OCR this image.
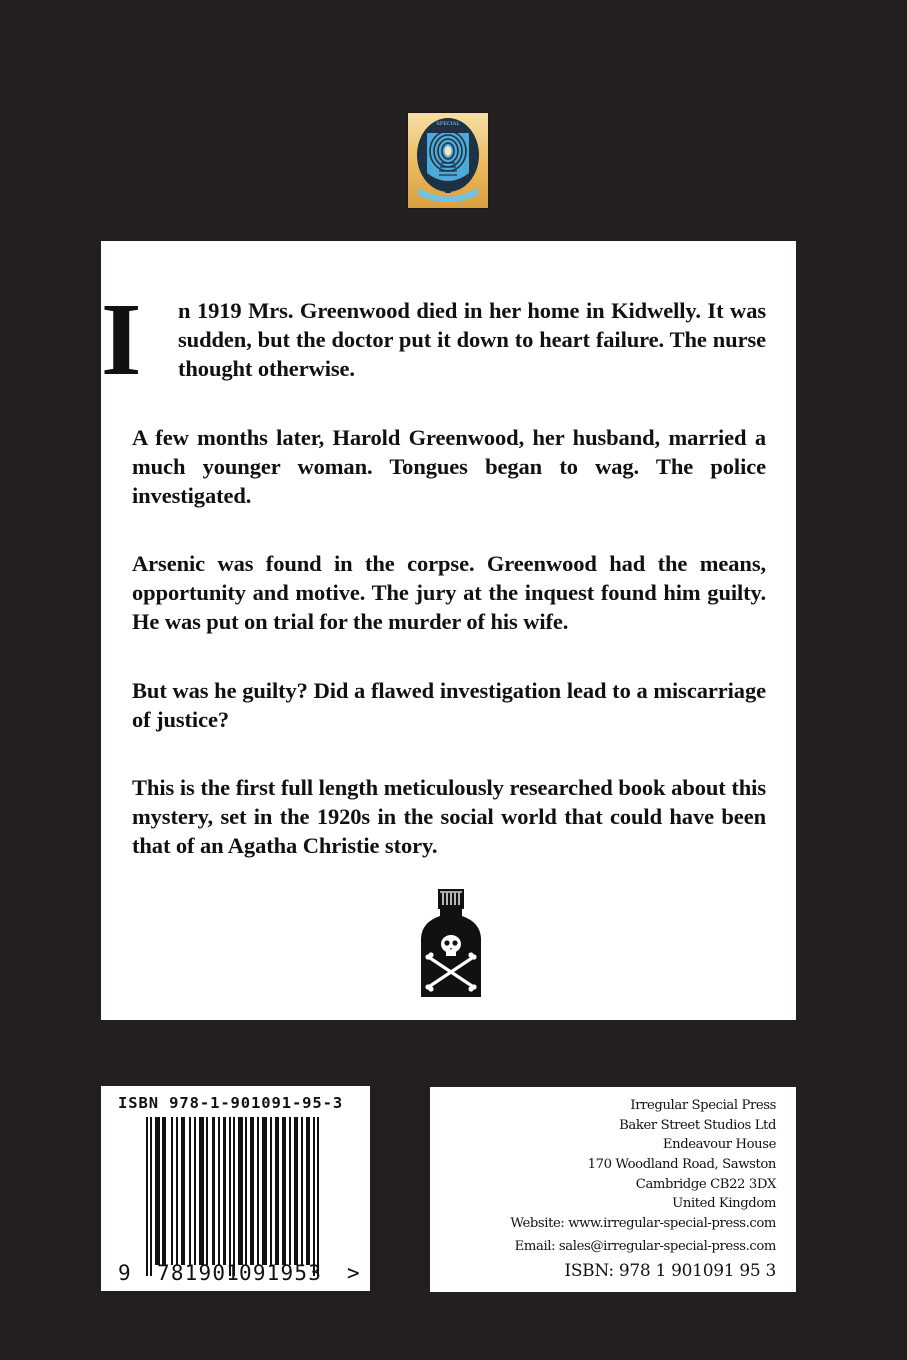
SPECIAL
I	n 1919 Mrs. Greenwood died in her home in Kidwelly. It was sudden, but the doctor put it down to heart failure. The nurse thought otherwise.

A few months later, Harold Greenwood, her husband, married a much younger woman. Tongues began to wag. The police investigated.

Arsenic was found in the corpse. Greenwood had the means, opportunity and motive. The jury at the inquest found him guilty. He was put on trial for the murder of his wife.

But was he guilty? Did a flawed investigation lead to a miscarriage of justice?

This is the first full length meticulously researched book about this mystery, set in the 1920s in the social world that could have been that of an Agatha Christie story.

ISBN 978-1-901091-95-3
9 781901
091953 >
Irregular Special Press
Baker Street Studios Ltd
Endeavour House
170 Woodland Road, Sawston
Cambridge CB22 3DX
United Kingdom
Website: www.irregular-special-press.com
Email: sales@irregular-special-press.com
ISBN: 978 1 901091 95 3
